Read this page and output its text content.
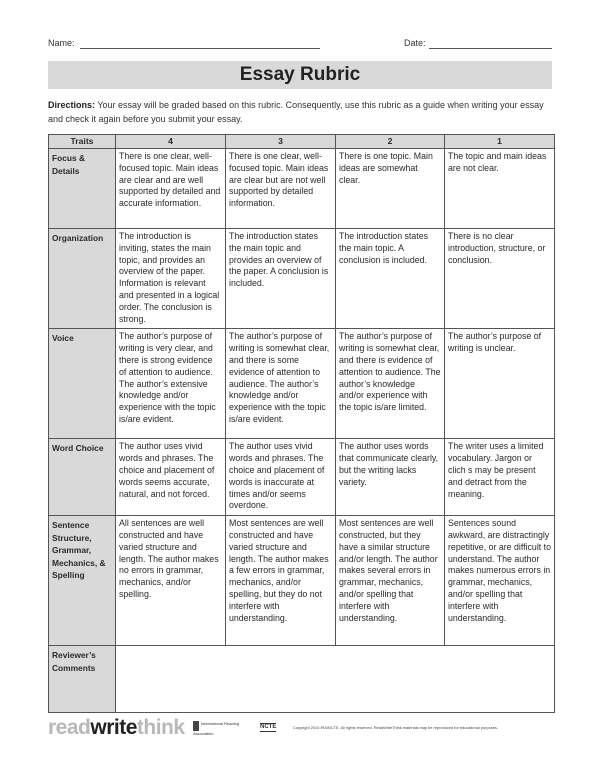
Name:	Date:
Essay Rubric
Directions: Your essay will be graded based on this rubric. Consequently, use this rubric as a guide when writing your essay and check it again before you submit your essay.
Traits	4	3	2	1
Focus & Details	There is one clear, well-focused topic. Main ideas are clear and are well supported by detailed and accurate information.	There is one clear, well-focused topic. Main ideas are clear but are not well supported by detailed information.	There is one topic. Main ideas are somewhat clear.	The topic and main ideas are not clear.
Organization	The introduction is inviting, states the main topic, and provides an overview of the paper. Information is relevant and presented in a logical order. The conclusion is strong.	The introduction states the main topic and provides an overview of the paper. A conclusion is included.	The introduction states the main topic. A conclusion is included.	There is no clear introduction, structure, or conclusion.
Voice	The author’s purpose of writing is very clear, and there is strong evidence of attention to audience. The author’s extensive knowledge and/or experience with the topic is/are evident.	The author’s purpose of writing is somewhat clear, and there is some evidence of attention to audience. The author’s knowledge and/or experience with the topic is/are evident.	The author’s purpose of writing is somewhat clear, and there is evidence of attention to audience. The author’s knowledge and/or experience with the topic is/are limited.	The author’s purpose of writing is unclear.
Word Choice	The author uses vivid words and phrases. The choice and placement of words seems accurate, natural, and not forced.	The author uses vivid words and phrases. The choice and placement of words is inaccurate at times and/or seems overdone.	The author uses words that communicate clearly, but the writing lacks variety.	The writer uses a limited vocabulary. Jargon or clich s may be present and detract from the meaning.
Sentence Structure, Grammar, Mechanics, & Spelling	All sentences are well constructed and have varied structure and length. The author makes no errors in grammar, mechanics, and/or spelling.	Most sentences are well constructed and have varied structure and length. The author makes a few errors in grammar, mechanics, and/or spelling, but they do not interfere with understanding.	Most sentences are well constructed, but they have a similar structure and/or length. The author makes several errors in grammar, mechanics, and/or spelling that interfere with understanding.	Sentences sound awkward, are distractingly repetitive, or are difficult to understand. The author makes numerous errors in grammar, mechanics, and/or spelling that interfere with understanding.
Reviewer’s Comments				
readwritethink	International Reading Association
NCTE	Copyright 2010 IRA/NCTE. All rights reserved. ReadWriteThink materials may be reproduced for educational purposes.
